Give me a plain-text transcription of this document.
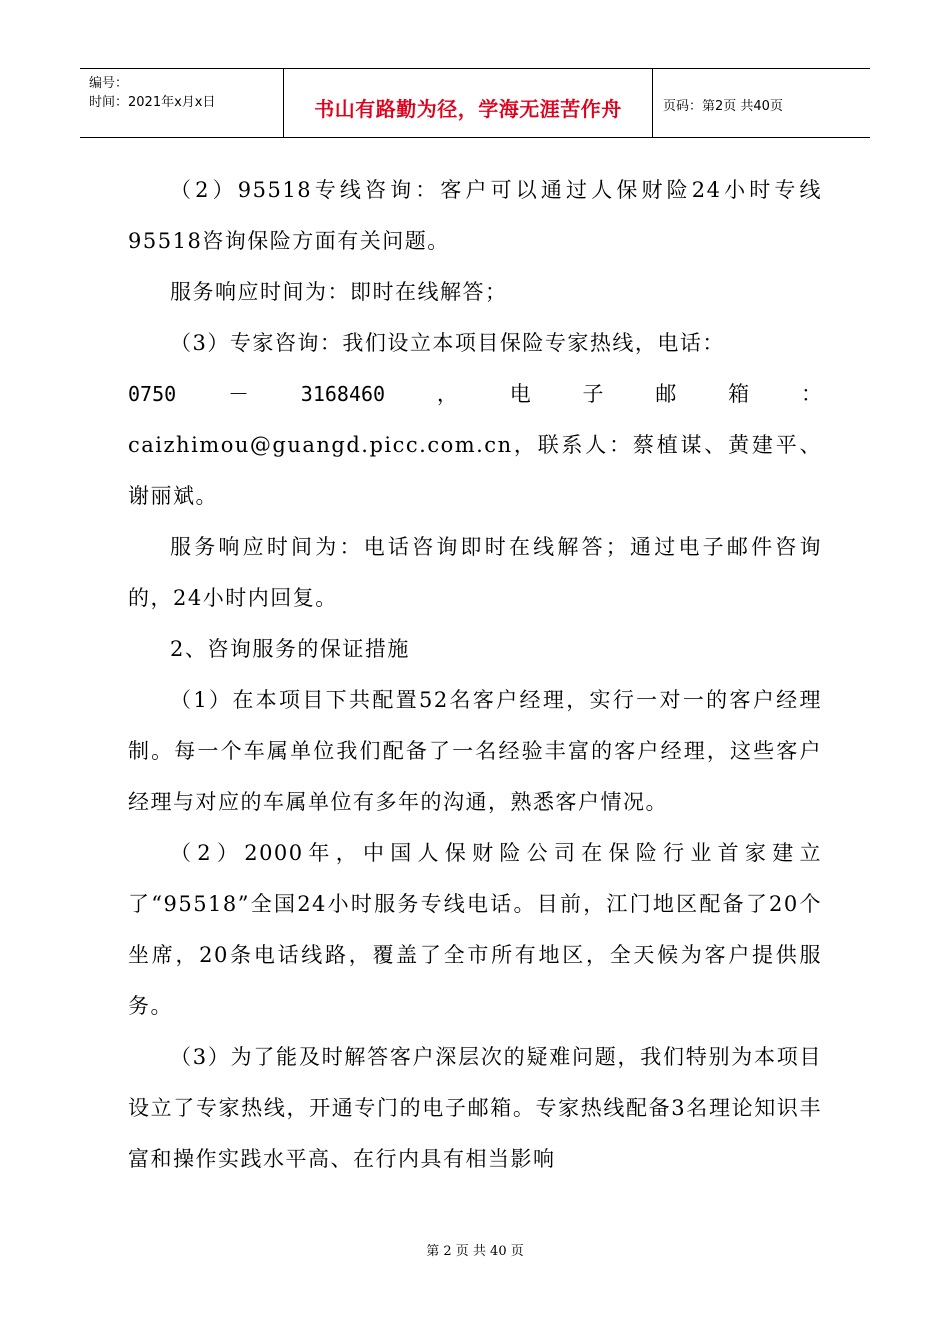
编号：
时间：2021年x月x日	书山有路勤为径，学海无涯苦作舟	页码：第2页 共40页

（2）95518专线咨询：客户可以通过人保财险24小时专线95518咨询保险方面有关问题。

服务响应时间为：即时在线解答；

（3）专家咨询：我们设立本项目保险专家热线，电话：

0750 －	3168460 ， 电 子 邮 箱 ：

caizhimou@guangd.picc.com.cn，联系人：蔡植谋、黄建平、谢丽斌。

服务响应时间为：电话咨询即时在线解答；通过电子邮件咨询的，24小时内回复。

2、咨询服务的保证措施

（1）在本项目下共配置52名客户经理，实行一对一的客户经理制。每一个车属单位我们配备了一名经验丰富的客户经理，这些客户经理与对应的车属单位有多年的沟通，熟悉客户情况。

（2）2000年，中国人保财险公司在保险行业首家建立了“95518”全国24小时服务专线电话。目前，江门地区配备了20个坐席，20条电话线路，覆盖了全市所有地区，全天候为客户提供服务。

（3）为了能及时解答客户深层次的疑难问题，我们特别为本项目设立了专家热线，开通专门的电子邮箱。专家热线配备3名理论知识丰富和操作实践水平高、在行内具有相当影响

第 2 页 共 40 页
